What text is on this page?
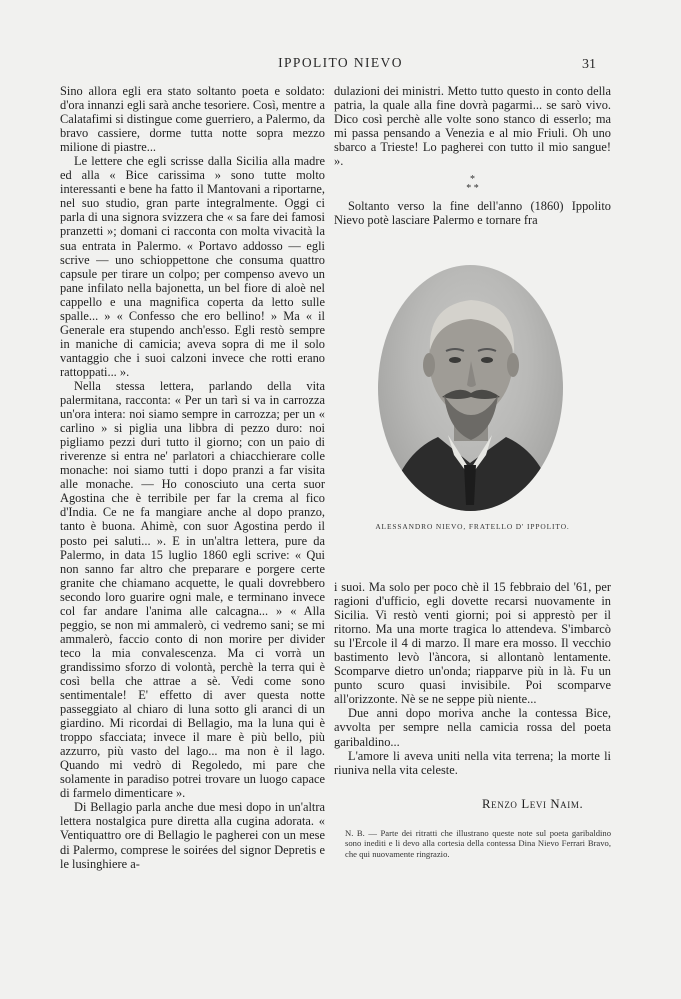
IPPOLITO NIEVO	31

Sino allora egli era stato soltanto poeta e soldato: d'ora innanzi egli sarà anche tesoriere. Così, mentre a Calatafimi si distingue come guerriero, a Palermo, da bravo cassiere, dorme tutta notte sopra mezzo milione di piastre...

Le lettere che egli scrisse dalla Sicilia alla madre ed alla « Bice carissima » sono tutte molto interessanti e bene ha fatto il Mantovani a riportarne, nel suo studio, gran parte integralmente. Oggi ci parla di una signora svizzera che « sa fare dei famosi pranzetti »; domani ci racconta con molta vivacità la sua entrata in Palermo. « Portavo addosso — egli scrive — uno schioppettone che consuma quattro capsule per tirare un colpo; per compenso avevo un pane infilato nella bajonetta, un bel fiore di aloè nel cappello e una magnifica coperta da letto sulle spalle... » « Confesso che ero bellino! » Ma « il Generale era stupendo anch'esso. Egli restò sempre in maniche di camicia; aveva sopra di me il solo vantaggio che i suoi calzoni invece che rotti erano rattoppati... ».

Nella stessa lettera, parlando della vita palermitana, racconta: « Per un tarì si va in carrozza un'ora intera: noi siamo sempre in carrozza; per un « carlino » si piglia una libbra di pezzo duro: noi pigliamo pezzi duri tutto il giorno; con un paio di riverenze si entra ne' parlatori a chiacchierare colle monache: noi siamo tutti i dopo pranzi a far visita alle monache. — Ho conosciuto una certa suor Agostina che è terribile per far la crema al fico d'India. Ce ne fa mangiare anche al dopo pranzo, tanto è buona. Ahimè, con suor Agostina perdo il posto pei saluti... ». E in un'altra lettera, pure da Palermo, in data 15 luglio 1860 egli scrive: « Qui non sanno far altro che preparare e porgere certe granite che chiamano acquette, le quali dovrebbero secondo loro guarire ogni male, e terminano invece col far andare l'anima alle calcagna... » « Alla peggio, se non mi ammalerò, ci vedremo sani; se mi ammalerò, faccio conto di non morire per divider teco la mia convalescenza. Ma ci vorrà un grandissimo sforzo di volontà, perchè la terra qui è così bella che attrae a sè. Vedi come sono sentimentale! E' effetto di aver questa notte passeggiato al chiaro di luna sotto gli aranci di un giardino. Mi ricordai di Bellagio, ma la luna qui è troppo sfacciata; invece il mare è più bello, più azzurro, più vasto del lago... ma non è il lago. Quando mi vedrò di Regoledo, mi pare che solamente in paradiso potrei trovare un luogo capace di farmelo dimenticare ».

Di Bellagio parla anche due mesi dopo in un'altra lettera nostalgica pure diretta alla cugina adorata. « Ventiquattro ore di Bellagio le pagherei con un mese di Palermo, comprese le soirées del signor Depretis e le lusinghiere a-

dulazioni dei ministri. Metto tutto questo in conto della patria, la quale alla fine dovrà pagarmi... se sarò vivo. Dico così perchè alle volte sono stanco di esserlo; ma mi passa pensando a Venezia e al mio Friuli. Oh uno sbarco a Trieste! Lo pagherei con tutto il mio sangue! ».

*
* *

Soltanto verso la fine dell'anno (1860) Ippolito Nievo potè lasciare Palermo e tornare fra

ALESSANDRO NIEVO, FRATELLO D' IPPOLITO.

i suoi. Ma solo per poco chè il 15 febbraio del '61, per ragioni d'ufficio, egli dovette recarsi nuovamente in Sicilia. Vi restò venti giorni; poi si apprestò per il ritorno. Ma una morte tragica lo attendeva. S'imbarcò su l'Ercole il 4 di marzo. Il mare era mosso. Il vecchio bastimento levò l'àncora, si allontanò lentamente. Scomparve dietro un'onda; riapparve più in là. Fu un punto scuro quasi invisibile. Poi scomparve all'orizzonte. Nè se ne seppe più niente...

Due anni dopo moriva anche la contessa Bice, avvolta per sempre nella camicia rossa del poeta garibaldino...

L'amore li aveva uniti nella vita terrena; la morte li riuniva nella vita celeste.

Renzo Levi Naim.
N. B. — Parte dei ritratti che illustrano queste note sul poeta garibaldino sono inediti e li devo alla cortesia della contessa Dina Nievo Ferrari Bravo, che qui nuovamente ringrazio.
